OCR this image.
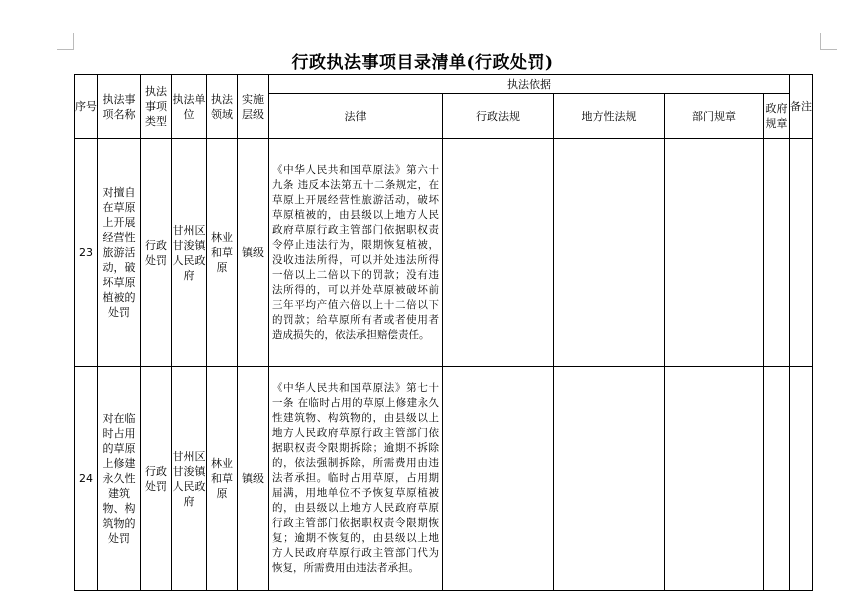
行政执法事项目录清单(行政处罚)
序号	执法事项名称	执法事项类型	执法单位	执法领域	实施层级	执法依据					备注
						法律	行政法规	地方性法规	部门规章	政府规章	
23	对擅自在草原上开展经营性旅游活动，破坏草原植被的处罚	行政处罚	甘州区甘浚镇人民政府	林业和草原	镇级	《中华人民共和国草原法》第六十九条 违反本法第五十二条规定，在草原上开展经营性旅游活动，破坏草原植被的，由县级以上地方人民政府草原行政主管部门依据职权责令停止违法行为，限期恢复植被，没收违法所得，可以并处违法所得一倍以上二倍以下的罚款；没有违法所得的，可以并处草原被破坏前三年平均产值六倍以上十二倍以下的罚款；给草原所有者或者使用者造成损失的，依法承担赔偿责任。					
24	对在临时占用的草原上修建永久性建筑物、构筑物的处罚	行政处罚	甘州区甘浚镇人民政府	林业和草原	镇级	《中华人民共和国草原法》第七十一条 在临时占用的草原上修建永久性建筑物、构筑物的，由县级以上地方人民政府草原行政主管部门依据职权责令限期拆除；逾期不拆除的，依法强制拆除，所需费用由违法者承担。临时占用草原，占用期届满，用地单位不予恢复草原植被的，由县级以上地方人民政府草原行政主管部门依据职权责令限期恢复；逾期不恢复的，由县级以上地方人民政府草原行政主管部门代为恢复，所需费用由违法者承担。					
